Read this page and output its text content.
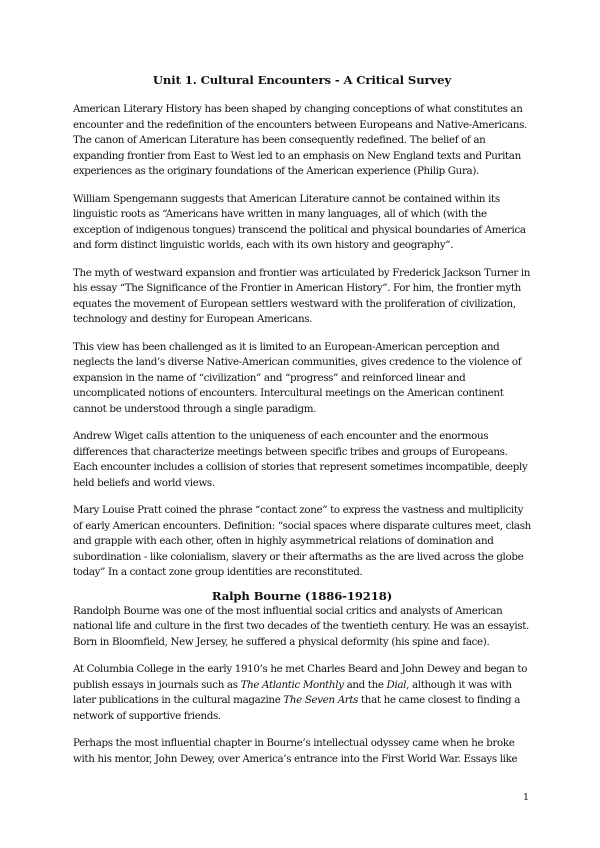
Unit 1. Cultural Encounters - A Critical Survey

American Literary History has been shaped by changing conceptions of what constitutes an encounter and the redefinition of the encounters between Europeans and Native-Americans. The canon of American Literature has been consequently redefined. The belief of an expanding frontier from East to West led to an emphasis on New England texts and Puritan experiences as the originary foundations of the American experience (Philip Gura).

William Spengemann suggests that American Literature cannot be contained within its linguistic roots as “Americans have written in many languages, all of which (with the exception of indigenous tongues) transcend the political and physical boundaries of America and form distinct linguistic worlds, each with its own history and geography”.

The myth of westward expansion and frontier was articulated by Frederick Jackson Turner in his essay “The Significance of the Frontier in American History”. For him, the frontier myth equates the movement of European settlers westward with the proliferation of civilization, technology and destiny for European Americans.

This view has been challenged as it is limited to an European-American perception and neglects the land’s diverse Native-American communities, gives credence to the violence of expansion in the name of “civilization” and “progress” and reinforced linear and uncomplicated notions of encounters. Intercultural meetings on the American continent cannot be understood through a single paradigm.

Andrew Wiget calls attention to the uniqueness of each encounter and the enormous differences that characterize meetings between specific tribes and groups of Europeans. Each encounter includes a collision of stories that represent sometimes incompatible, deeply held beliefs and world views.

Mary Louise Pratt coined the phrase “contact zone” to express the vastness and multiplicity of early American encounters. Definition: “social spaces where disparate cultures meet, clash and grapple with each other, often in highly asymmetrical relations of domination and subordination - like colonialism, slavery or their aftermaths as the are lived across the globe today” In a contact zone group identities are reconstituted.

Ralph Bourne (1886-19218)

Randolph Bourne was one of the most influential social critics and analysts of American national life and culture in the first two decades of the twentieth century. He was an essayist. Born in Bloomfield, New Jersey, he suffered a physical deformity (his spine and face).

At Columbia College in the early 1910’s he met Charles Beard and John Dewey and began to publish essays in journals such as The Atlantic Monthly and the Dial, although it was with later publications in the cultural magazine The Seven Arts that he came closest to finding a network of supportive friends.

Perhaps the most influential chapter in Bourne’s intellectual odyssey came when he broke with his mentor, John Dewey, over America’s entrance into the First World War. Essays like

1
